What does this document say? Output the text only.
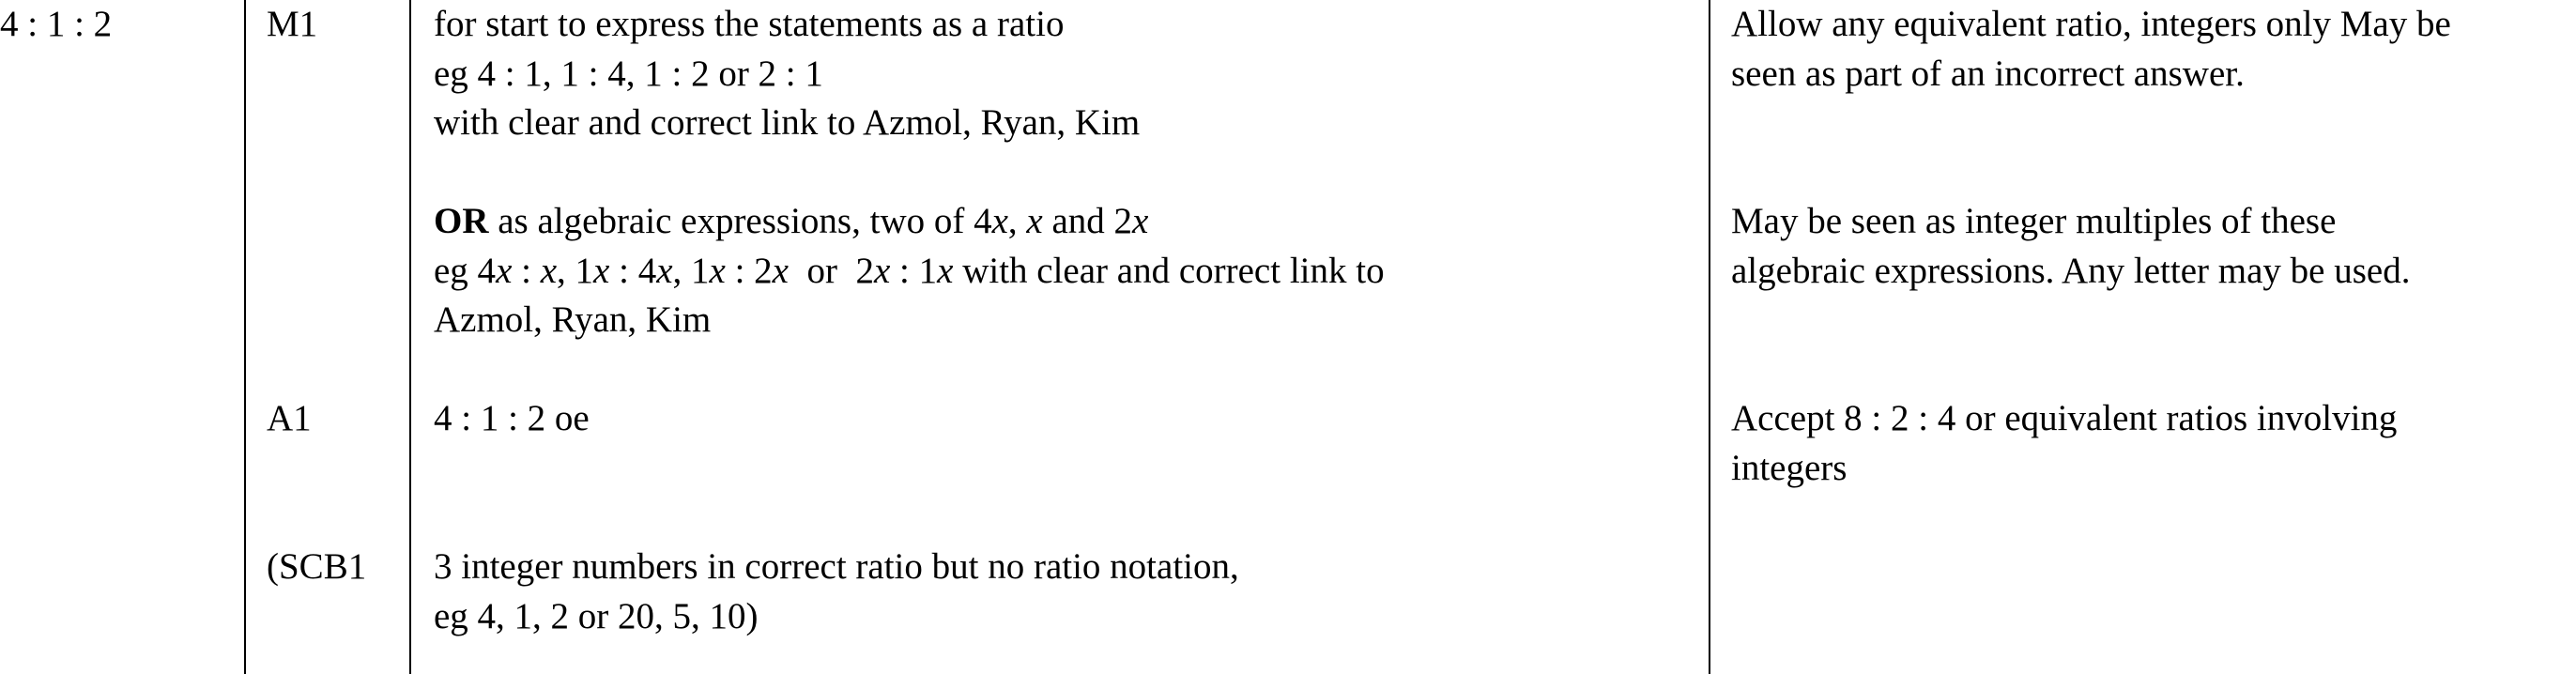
4 : 1 : 2	M1
A1
(SCB1
for start to express the statements as a ratio
eg 4 : 1, 1 : 4, 1 : 2 or 2 : 1
with clear and correct link to Azmol, Ryan, Kim
OR as algebraic expressions, two of 4x, x and 2x
eg 4x : x, 1x : 4x, 1x : 2x  or  2x : 1x with clear and correct link to
Azmol, Ryan, Kim
4 : 1 : 2 oe
3 integer numbers in correct ratio but no ratio notation,
eg 4, 1, 2 or 20, 5, 10)
Allow any equivalent ratio, integers only May be
seen as part of an incorrect answer.
May be seen as integer multiples of these
algebraic expressions. Any letter may be used.
Accept 8 : 2 : 4 or equivalent ratios involving
integers
